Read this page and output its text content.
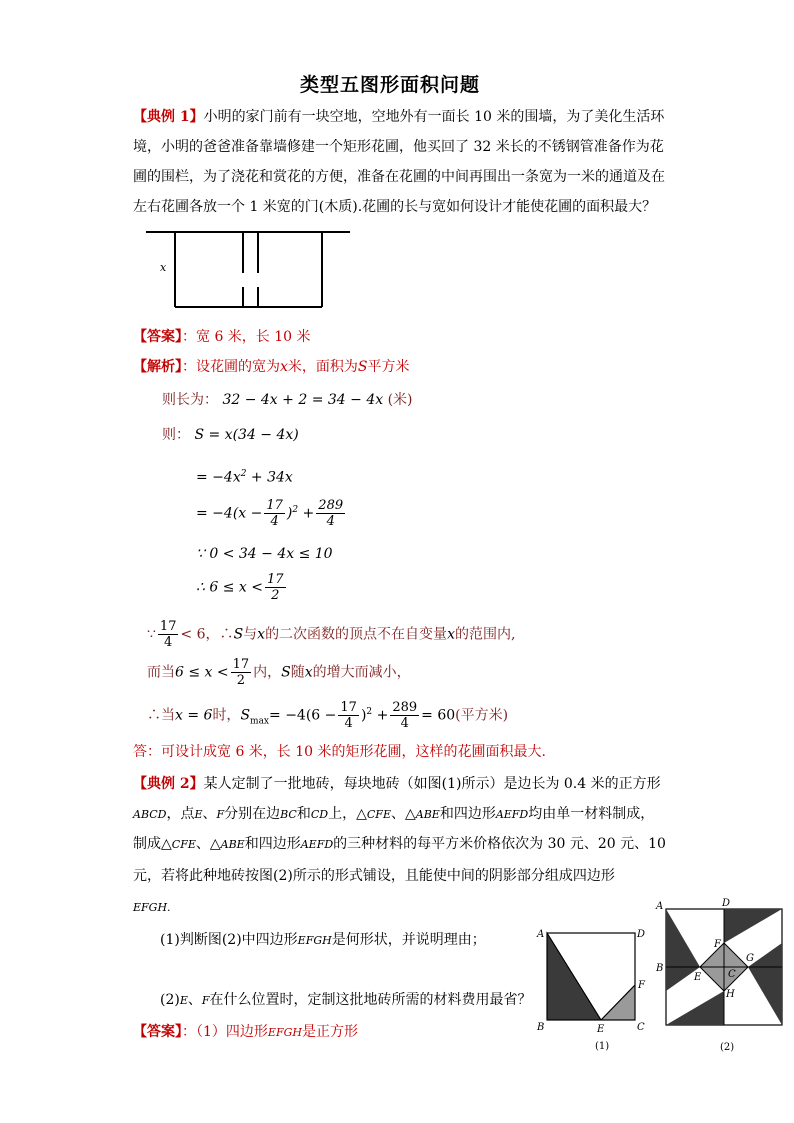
类型五图形面积问题
【典例 1】小明的家门前有一块空地，空地外有一面长 10 米的围墙，为了美化生活环
境，小明的爸爸准备靠墙修建一个矩形花圃，他买回了 32 米长的不锈钢管准备作为花
圃的围栏，为了浇花和赏花的方便，准备在花圃的中间再围出一条宽为一米的通道及在
左右花圃各放一个 1 米宽的门(木质).花圃的长与宽如何设计才能使花圃的面积最大？
x
【答案】：宽 6 米，长 10 米
【解析】：设花圃的宽为x米，面积为S平方米
则长为： 32 − 4x + 2 = 34 − 4x (米)
则： S = x(34 − 4x)
= $-4x^2 + 34x$
= $-4(x - \frac{17}{4} )^2 + \frac{289}{4}$
∵ 0 < 34 − 4x ≤ 10
∴ $6 \le x < \frac{17}{2}$
∵ $\frac{17}{4} < 6$，∴S与x的二次函数的顶点不在自变量x的范围内,
而当$6 \le x < \frac{17}{2}$ 内，S随x的增大而减小，
∴当x = 6时，$S_{max}= -4(6 - \frac{17}{4} )^2 + \frac{289}{4} = 60$(平方米)
答：可设计成宽 6 米，长 10 米的矩形花圃，这样的花圃面积最大.
【典例 2】某人定制了一批地砖，每块地砖（如图(1)所示）是边长为 0.4 米的正方形
ABCD，点E、F分别在边BC和CD上，△CFE、△ABE和四边形AEFD均由单一材料制成，
制成△CFE、△ABE和四边形AEFD的三种材料的每平方米价格依次为 30 元、20 元、10
元，若将此种地砖按图(2)所示的形式铺设，且能使中间的阴影部分组成四边形
EFGH.
(1)判断图(2)中四边形EFGH是何形状，并说明理由；
(2)E、F在什么位置时，定制这批地砖所需的材料费用最省？
【答案】：（1）四边形EFGH是正方形
A	D
B	E	C
F
(1)
A	D
B
F
E	C
G
H
(2)
